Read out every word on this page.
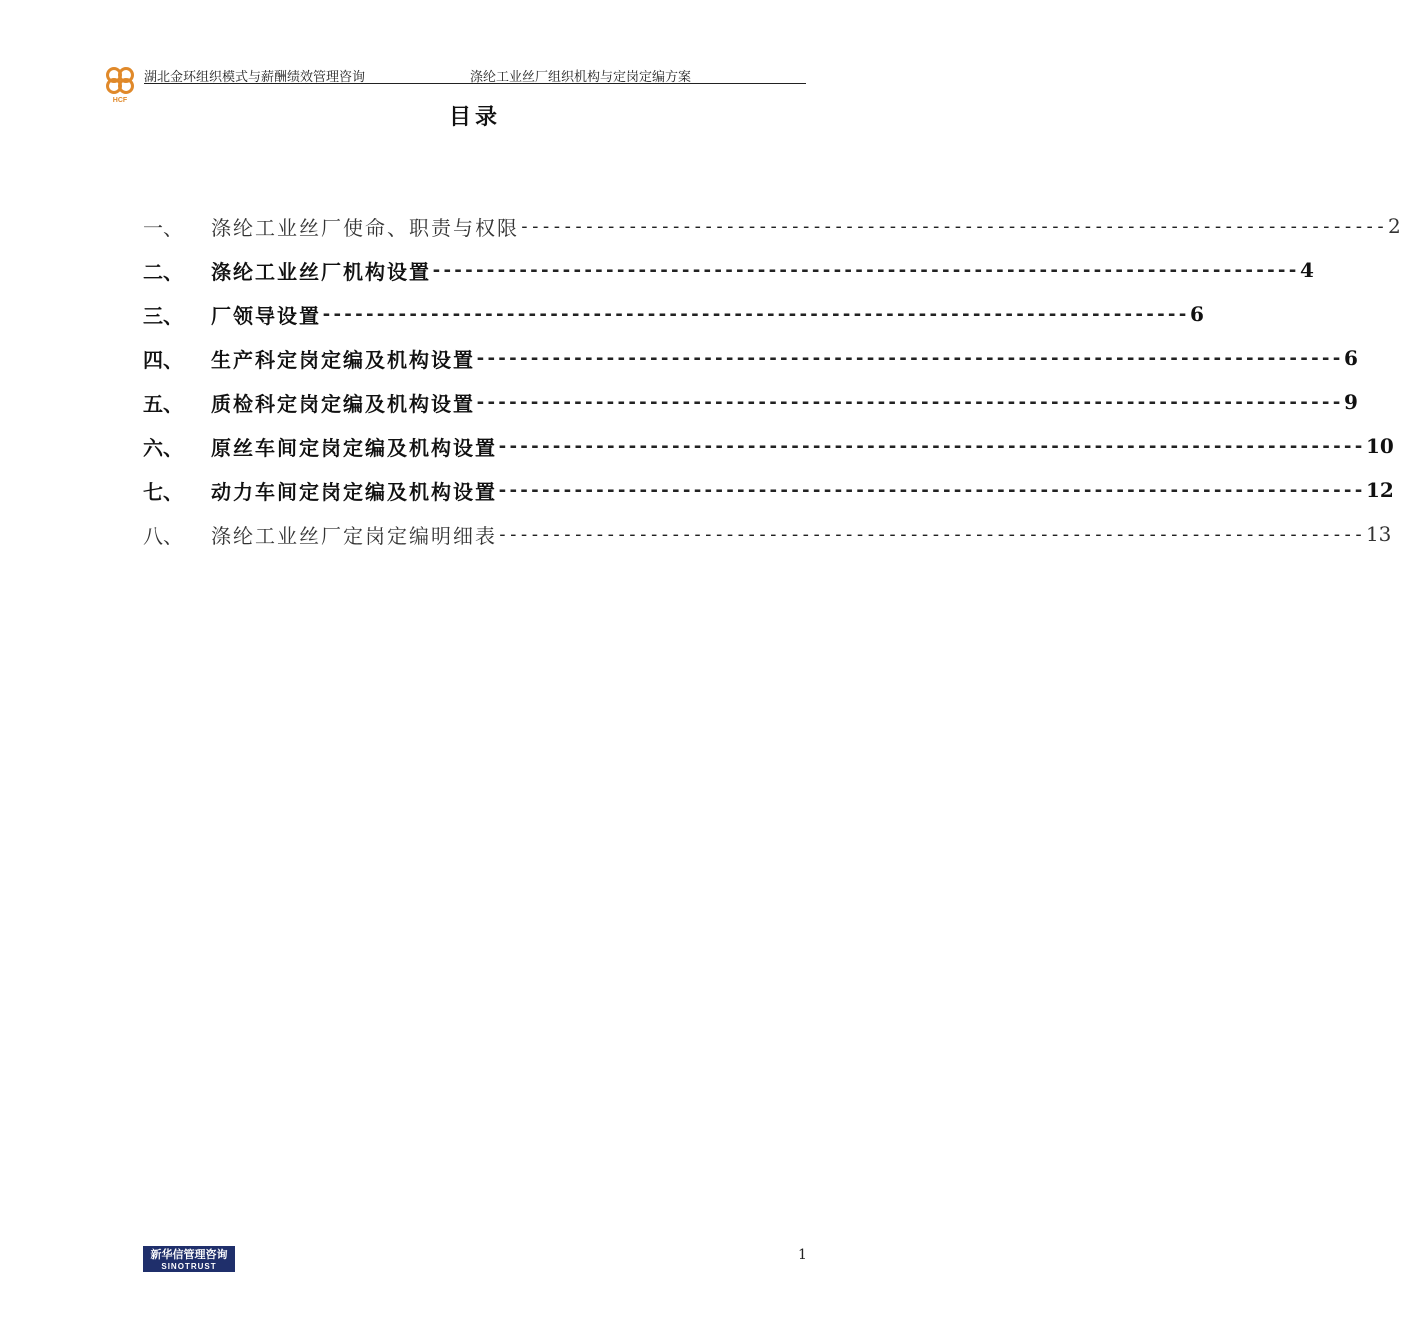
HCF
湖北金环组织模式与薪酬绩效管理咨询	涤纶工业丝厂组织机构与定岗定编方案
目录
一、	涤纶工业丝厂使命、职责与权限 -------------------------------------------------------------------------------- 2
二、	涤纶工业丝厂机构设置 -------------------------------------------------------------------------------- 4
三、	厂领导设置 -------------------------------------------------------------------------------- 6
四、	生产科定岗定编及机构设置 -------------------------------------------------------------------------------- 6
五、	质检科定岗定编及机构设置 -------------------------------------------------------------------------------- 9
六、	原丝车间定岗定编及机构设置 -------------------------------------------------------------------------------- 10
七、	动力车间定岗定编及机构设置 -------------------------------------------------------------------------------- 12
八、	涤纶工业丝厂定岗定编明细表 -------------------------------------------------------------------------------- 13
新华信管理咨询
SINOTRUST
1
